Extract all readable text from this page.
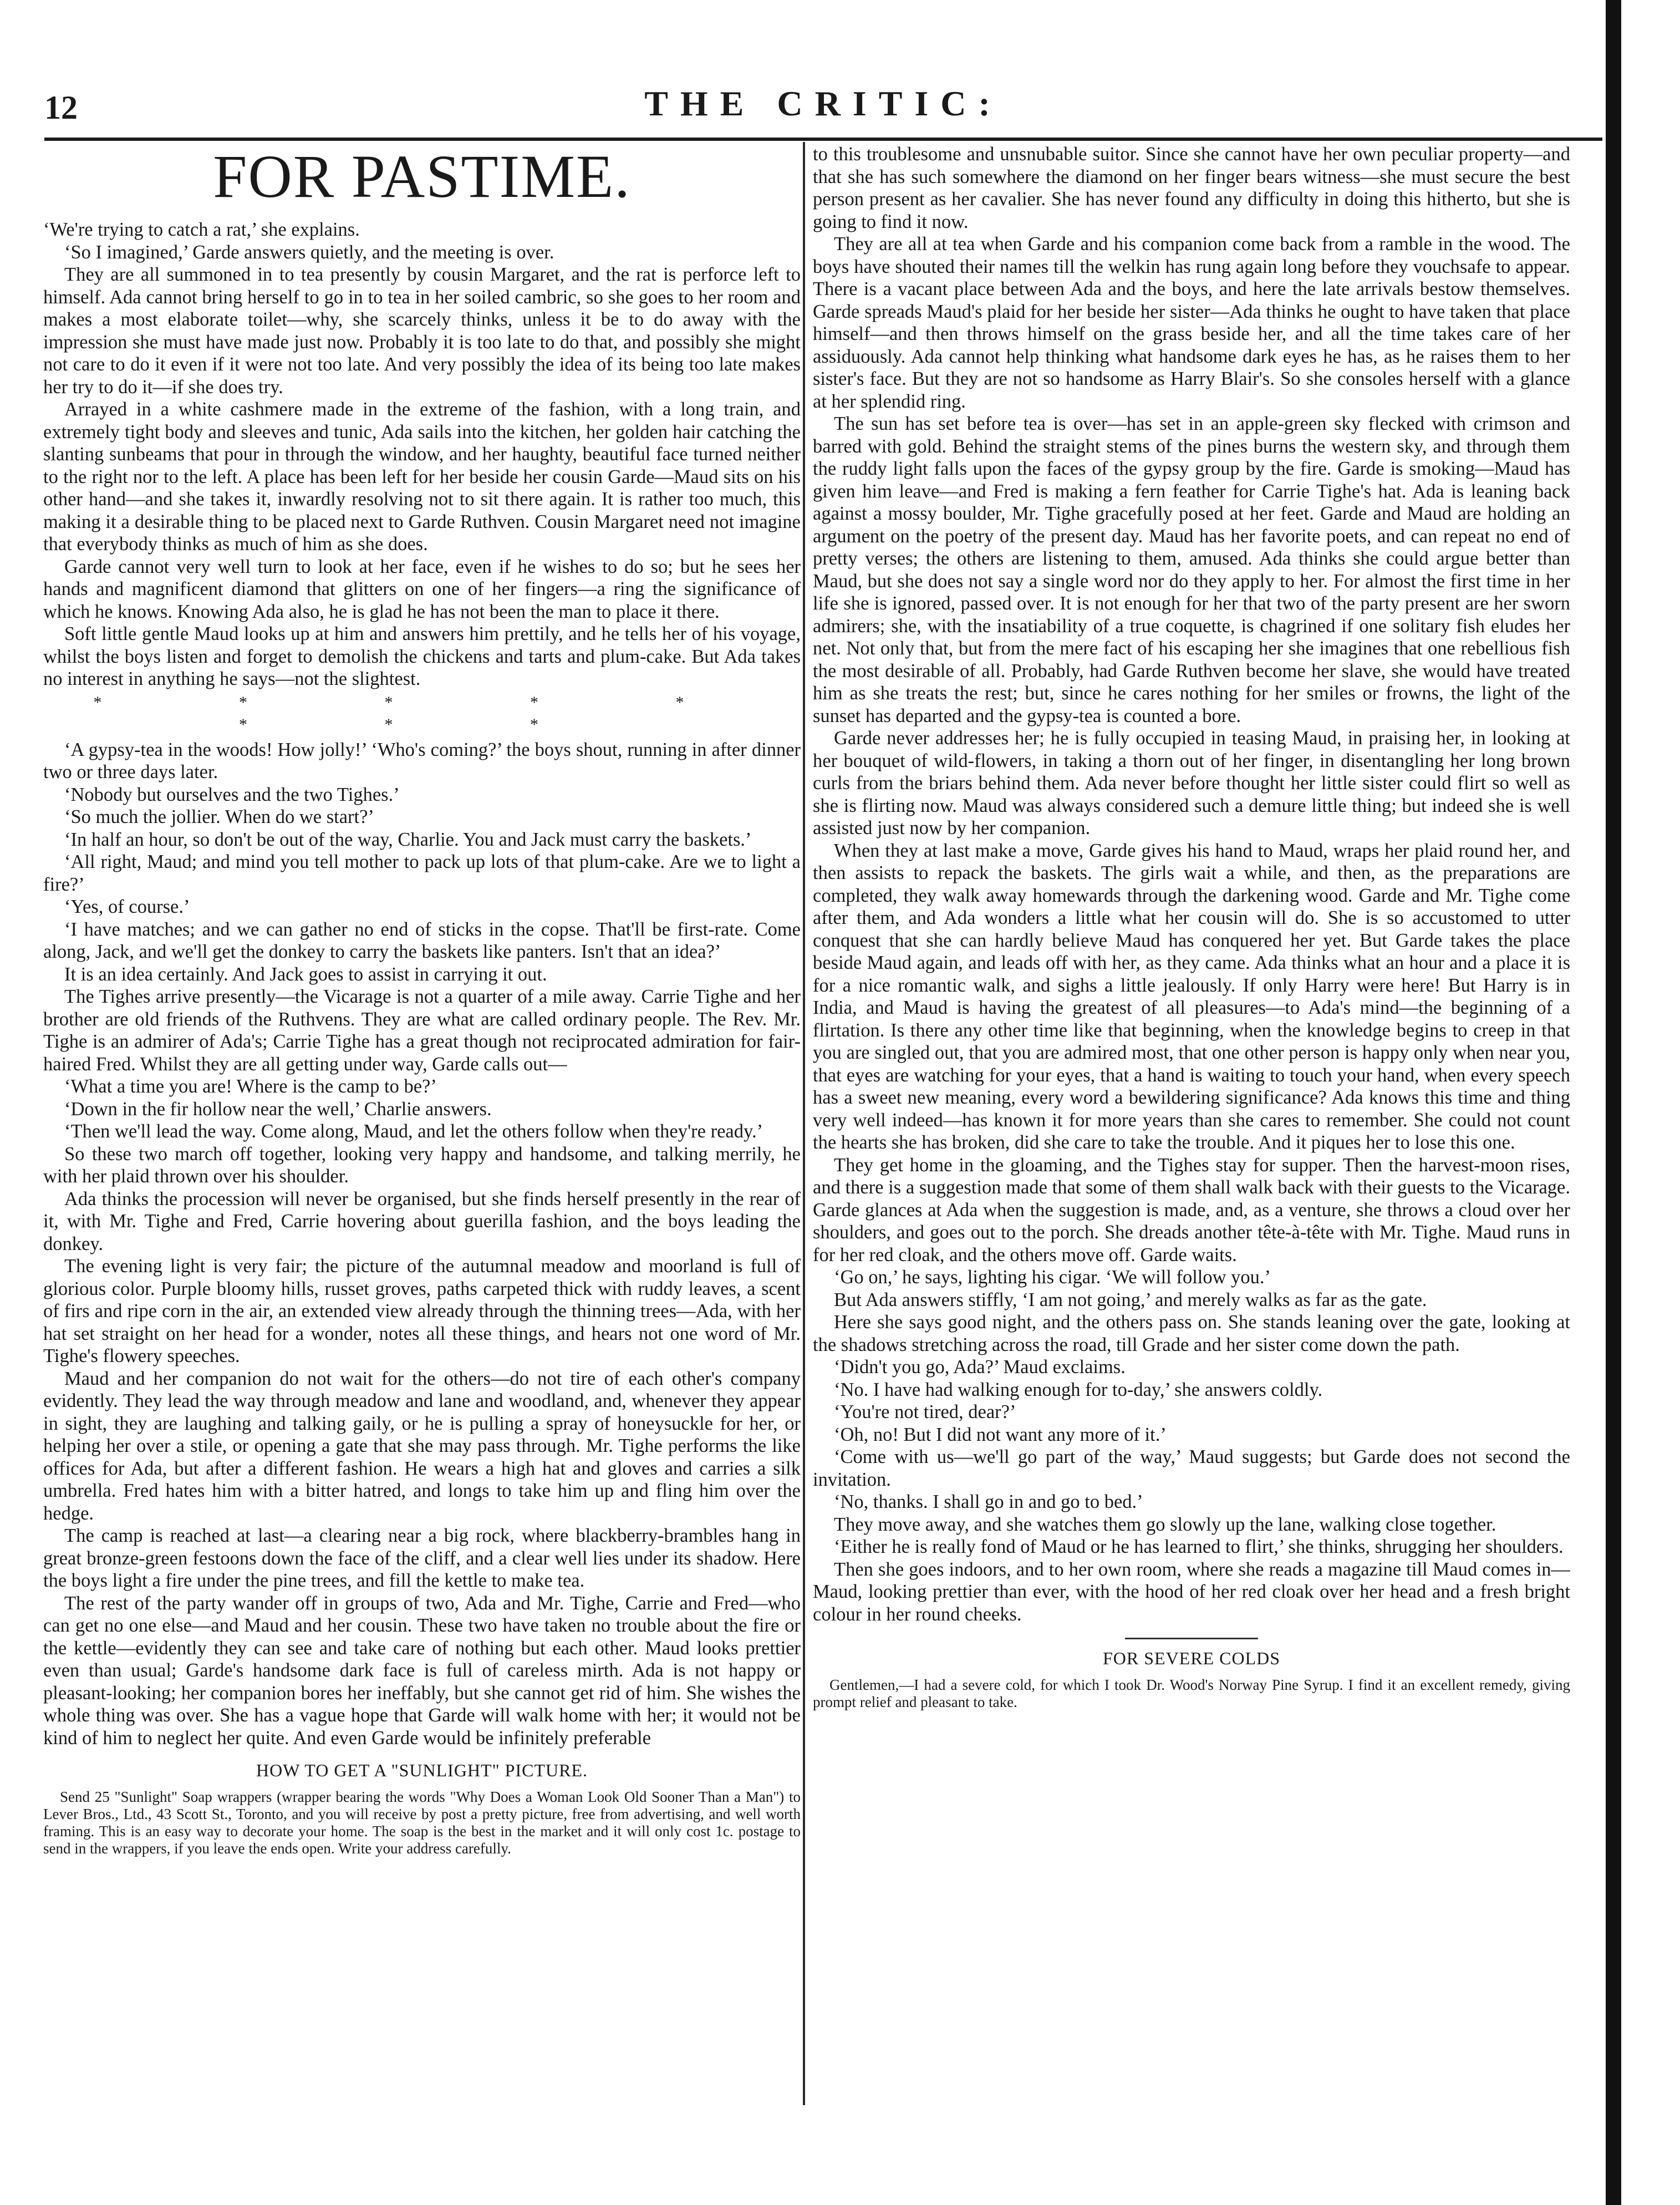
THE CRITIC:
12
FOR PASTIME.

‘We're trying to catch a rat,’ she explains.

‘So I imagined,’ Garde answers quietly, and the meeting is over.

They are all summoned in to tea presently by cousin Margaret, and the rat is perforce left to himself. Ada cannot bring herself to go in to tea in her soiled cambric, so she goes to her room and makes a most elaborate toilet—why, she scarcely thinks, unless it be to do away with the impression she must have made just now. Probably it is too late to do that, and possibly she might not care to do it even if it were not too late. And very possibly the idea of its being too late makes her try to do it—if she does try.

Arrayed in a white cashmere made in the extreme of the fashion, with a long train, and extremely tight body and sleeves and tunic, Ada sails into the kitchen, her golden hair catching the slanting sunbeams that pour in through the window, and her haughty, beautiful face turned neither to the right nor to the left. A place has been left for her beside her cousin Garde—Maud sits on his other hand—and she takes it, inwardly resolving not to sit there again. It is rather too much, this making it a desirable thing to be placed next to Garde Ruthven. Cousin Margaret need not imagine that everybody thinks as much of him as she does.

Garde cannot very well turn to look at her face, even if he wishes to do so; but he sees her hands and magnificent diamond that glitters on one of her fingers—a ring the significance of which he knows. Knowing Ada also, he is glad he has not been the man to place it there.

Soft little gentle Maud looks up at him and answers him prettily, and he tells her of his voyage, whilst the boys listen and forget to demolish the chickens and tarts and plum-cake. But Ada takes no interest in anything he says—not the slightest.

* * * * * * * *

‘A gypsy-tea in the woods! How jolly!’ ‘Who's coming?’ the boys shout, running in after dinner two or three days later.

‘Nobody but ourselves and the two Tighes.’

‘So much the jollier. When do we start?’

‘In half an hour, so don't be out of the way, Charlie. You and Jack must carry the baskets.’

‘All right, Maud; and mind you tell mother to pack up lots of that plum-cake. Are we to light a fire?’

‘Yes, of course.’

‘I have matches; and we can gather no end of sticks in the copse. That'll be first-rate. Come along, Jack, and we'll get the donkey to carry the baskets like panters. Isn't that an idea?’

It is an idea certainly. And Jack goes to assist in carrying it out.

The Tighes arrive presently—the Vicarage is not a quarter of a mile away. Carrie Tighe and her brother are old friends of the Ruthvens. They are what are called ordinary people. The Rev. Mr. Tighe is an admirer of Ada's; Carrie Tighe has a great though not reciprocated admiration for fair-haired Fred. Whilst they are all getting under way, Garde calls out—

‘What a time you are! Where is the camp to be?’

‘Down in the fir hollow near the well,’ Charlie answers.

‘Then we'll lead the way. Come along, Maud, and let the others follow when they're ready.’

So these two march off together, looking very happy and handsome, and talking merrily, he with her plaid thrown over his shoulder.

Ada thinks the procession will never be organised, but she finds herself presently in the rear of it, with Mr. Tighe and Fred, Carrie hovering about guerilla fashion, and the boys leading the donkey.

The evening light is very fair; the picture of the autumnal meadow and moorland is full of glorious color. Purple bloomy hills, russet groves, paths carpeted thick with ruddy leaves, a scent of firs and ripe corn in the air, an extended view already through the thinning trees—Ada, with her hat set straight on her head for a wonder, notes all these things, and hears not one word of Mr. Tighe's flowery speeches.

Maud and her companion do not wait for the others—do not tire of each other's company evidently. They lead the way through meadow and lane and woodland, and, whenever they appear in sight, they are laughing and talking gaily, or he is pulling a spray of honeysuckle for her, or helping her over a stile, or opening a gate that she may pass through. Mr. Tighe performs the like offices for Ada, but after a different fashion. He wears a high hat and gloves and carries a silk umbrella. Fred hates him with a bitter hatred, and longs to take him up and fling him over the hedge.

The camp is reached at last—a clearing near a big rock, where blackberry-brambles hang in great bronze-green festoons down the face of the cliff, and a clear well lies under its shadow. Here the boys light a fire under the pine trees, and fill the kettle to make tea.

The rest of the party wander off in groups of two, Ada and Mr. Tighe, Carrie and Fred—who can get no one else—and Maud and her cousin. These two have taken no trouble about the fire or the kettle—evidently they can see and take care of nothing but each other. Maud looks prettier even than usual; Garde's handsome dark face is full of careless mirth. Ada is not happy or pleasant-looking; her companion bores her ineffably, but she cannot get rid of him. She wishes the whole thing was over. She has a vague hope that Garde will walk home with her; it would not be kind of him to neglect her quite. And even Garde would be infinitely preferable

HOW TO GET A "SUNLIGHT" PICTURE.

Send 25 "Sunlight" Soap wrappers (wrapper bearing the words "Why Does a Woman Look Old Sooner Than a Man") to Lever Bros., Ltd., 43 Scott St., Toronto, and you will receive by post a pretty picture, free from advertising, and well worth framing. This is an easy way to decorate your home. The soap is the best in the market and it will only cost 1c. postage to send in the wrappers, if you leave the ends open. Write your address carefully.

to this troublesome and unsnubable suitor. Since she cannot have her own peculiar property—and that she has such somewhere the diamond on her finger bears witness—she must secure the best person present as her cavalier. She has never found any difficulty in doing this hitherto, but she is going to find it now.

They are all at tea when Garde and his companion come back from a ramble in the wood. The boys have shouted their names till the welkin has rung again long before they vouchsafe to appear. There is a vacant place between Ada and the boys, and here the late arrivals bestow themselves. Garde spreads Maud's plaid for her beside her sister—Ada thinks he ought to have taken that place himself—and then throws himself on the grass beside her, and all the time takes care of her assiduously. Ada cannot help thinking what handsome dark eyes he has, as he raises them to her sister's face. But they are not so handsome as Harry Blair's. So she consoles herself with a glance at her splendid ring.

The sun has set before tea is over—has set in an apple-green sky flecked with crimson and barred with gold. Behind the straight stems of the pines burns the western sky, and through them the ruddy light falls upon the faces of the gypsy group by the fire. Garde is smoking—Maud has given him leave—and Fred is making a fern feather for Carrie Tighe's hat. Ada is leaning back against a mossy boulder, Mr. Tighe gracefully posed at her feet. Garde and Maud are holding an argument on the poetry of the present day. Maud has her favorite poets, and can repeat no end of pretty verses; the others are listening to them, amused. Ada thinks she could argue better than Maud, but she does not say a single word nor do they apply to her. For almost the first time in her life she is ignored, passed over. It is not enough for her that two of the party present are her sworn admirers; she, with the insatiability of a true coquette, is chagrined if one solitary fish eludes her net. Not only that, but from the mere fact of his escaping her she imagines that one rebellious fish the most desirable of all. Probably, had Garde Ruthven become her slave, she would have treated him as she treats the rest; but, since he cares nothing for her smiles or frowns, the light of the sunset has departed and the gypsy-tea is counted a bore.

Garde never addresses her; he is fully occupied in teasing Maud, in praising her, in looking at her bouquet of wild-flowers, in taking a thorn out of her finger, in disentangling her long brown curls from the briars behind them. Ada never before thought her little sister could flirt so well as she is flirting now. Maud was always considered such a demure little thing; but indeed she is well assisted just now by her companion.

When they at last make a move, Garde gives his hand to Maud, wraps her plaid round her, and then assists to repack the baskets. The girls wait a while, and then, as the preparations are completed, they walk away homewards through the darkening wood. Garde and Mr. Tighe come after them, and Ada wonders a little what her cousin will do. She is so accustomed to utter conquest that she can hardly believe Maud has conquered her yet. But Garde takes the place beside Maud again, and leads off with her, as they came. Ada thinks what an hour and a place it is for a nice romantic walk, and sighs a little jealously. If only Harry were here! But Harry is in India, and Maud is having the greatest of all pleasures—to Ada's mind—the beginning of a flirtation. Is there any other time like that beginning, when the knowledge begins to creep in that you are singled out, that you are admired most, that one other person is happy only when near you, that eyes are watching for your eyes, that a hand is waiting to touch your hand, when every speech has a sweet new meaning, every word a bewildering significance? Ada knows this time and thing very well indeed—has known it for more years than she cares to remember. She could not count the hearts she has broken, did she care to take the trouble. And it piques her to lose this one.

They get home in the gloaming, and the Tighes stay for supper. Then the harvest-moon rises, and there is a suggestion made that some of them shall walk back with their guests to the Vicarage. Garde glances at Ada when the suggestion is made, and, as a venture, she throws a cloud over her shoulders, and goes out to the porch. She dreads another tête-à-tête with Mr. Tighe. Maud runs in for her red cloak, and the others move off. Garde waits.

‘Go on,’ he says, lighting his cigar. ‘We will follow you.’

But Ada answers stiffly, ‘I am not going,’ and merely walks as far as the gate.

Here she says good night, and the others pass on. She stands leaning over the gate, looking at the shadows stretching across the road, till Grade and her sister come down the path.

‘Didn't you go, Ada?’ Maud exclaims.

‘No. I have had walking enough for to-day,’ she answers coldly.

‘You're not tired, dear?’

‘Oh, no! But I did not want any more of it.’

‘Come with us—we'll go part of the way,’ Maud suggests; but Garde does not second the invitation.

‘No, thanks. I shall go in and go to bed.’

They move away, and she watches them go slowly up the lane, walking close together.

‘Either he is really fond of Maud or he has learned to flirt,’ she thinks, shrugging her shoulders.

Then she goes indoors, and to her own room, where she reads a magazine till Maud comes in—Maud, looking prettier than ever, with the hood of her red cloak over her head and a fresh bright colour in her round cheeks.

FOR SEVERE COLDS

Gentlemen,—I had a severe cold, for which I took Dr. Wood's Norway Pine Syrup. I find it an excellent remedy, giving prompt relief and pleasant to take.
